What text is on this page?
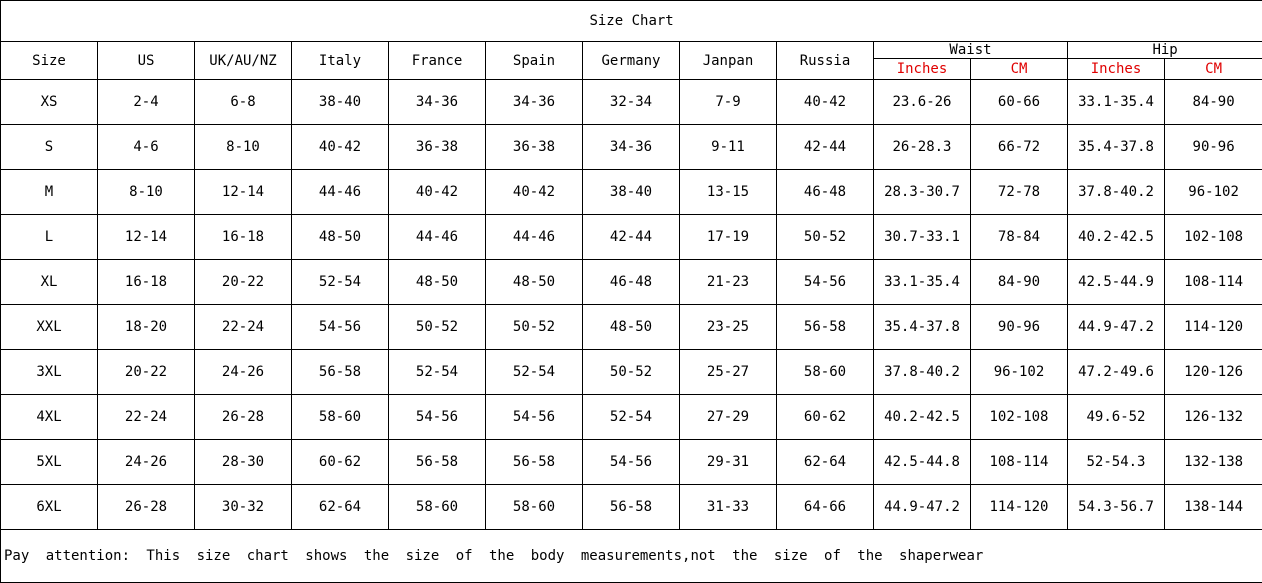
Size Chart												
Size	US	UK/AU/NZ	Italy	France	Spain	Germany	Janpan	Russia	Waist		Hip	
									Inches	CM	Inches	CM
XS	2-4	6-8	38-40	34-36	34-36	32-34	7-9	40-42	23.6-26	60-66	33.1-35.4	84-90
S	4-6	8-10	40-42	36-38	36-38	34-36	9-11	42-44	26-28.3	66-72	35.4-37.8	90-96
M	8-10	12-14	44-46	40-42	40-42	38-40	13-15	46-48	28.3-30.7	72-78	37.8-40.2	96-102
L	12-14	16-18	48-50	44-46	44-46	42-44	17-19	50-52	30.7-33.1	78-84	40.2-42.5	102-108
XL	16-18	20-22	52-54	48-50	48-50	46-48	21-23	54-56	33.1-35.4	84-90	42.5-44.9	108-114
XXL	18-20	22-24	54-56	50-52	50-52	48-50	23-25	56-58	35.4-37.8	90-96	44.9-47.2	114-120
3XL	20-22	24-26	56-58	52-54	52-54	50-52	25-27	58-60	37.8-40.2	96-102	47.2-49.6	120-126
4XL	22-24	26-28	58-60	54-56	54-56	52-54	27-29	60-62	40.2-42.5	102-108	49.6-52	126-132
5XL	24-26	28-30	60-62	56-58	56-58	54-56	29-31	62-64	42.5-44.8	108-114	52-54.3	132-138
6XL	26-28	30-32	62-64	58-60	58-60	56-58	31-33	64-66	44.9-47.2	114-120	54.3-56.7	138-144
Pay attention: This size chart shows the size of the body measurements,not the size of the shaperwear												
